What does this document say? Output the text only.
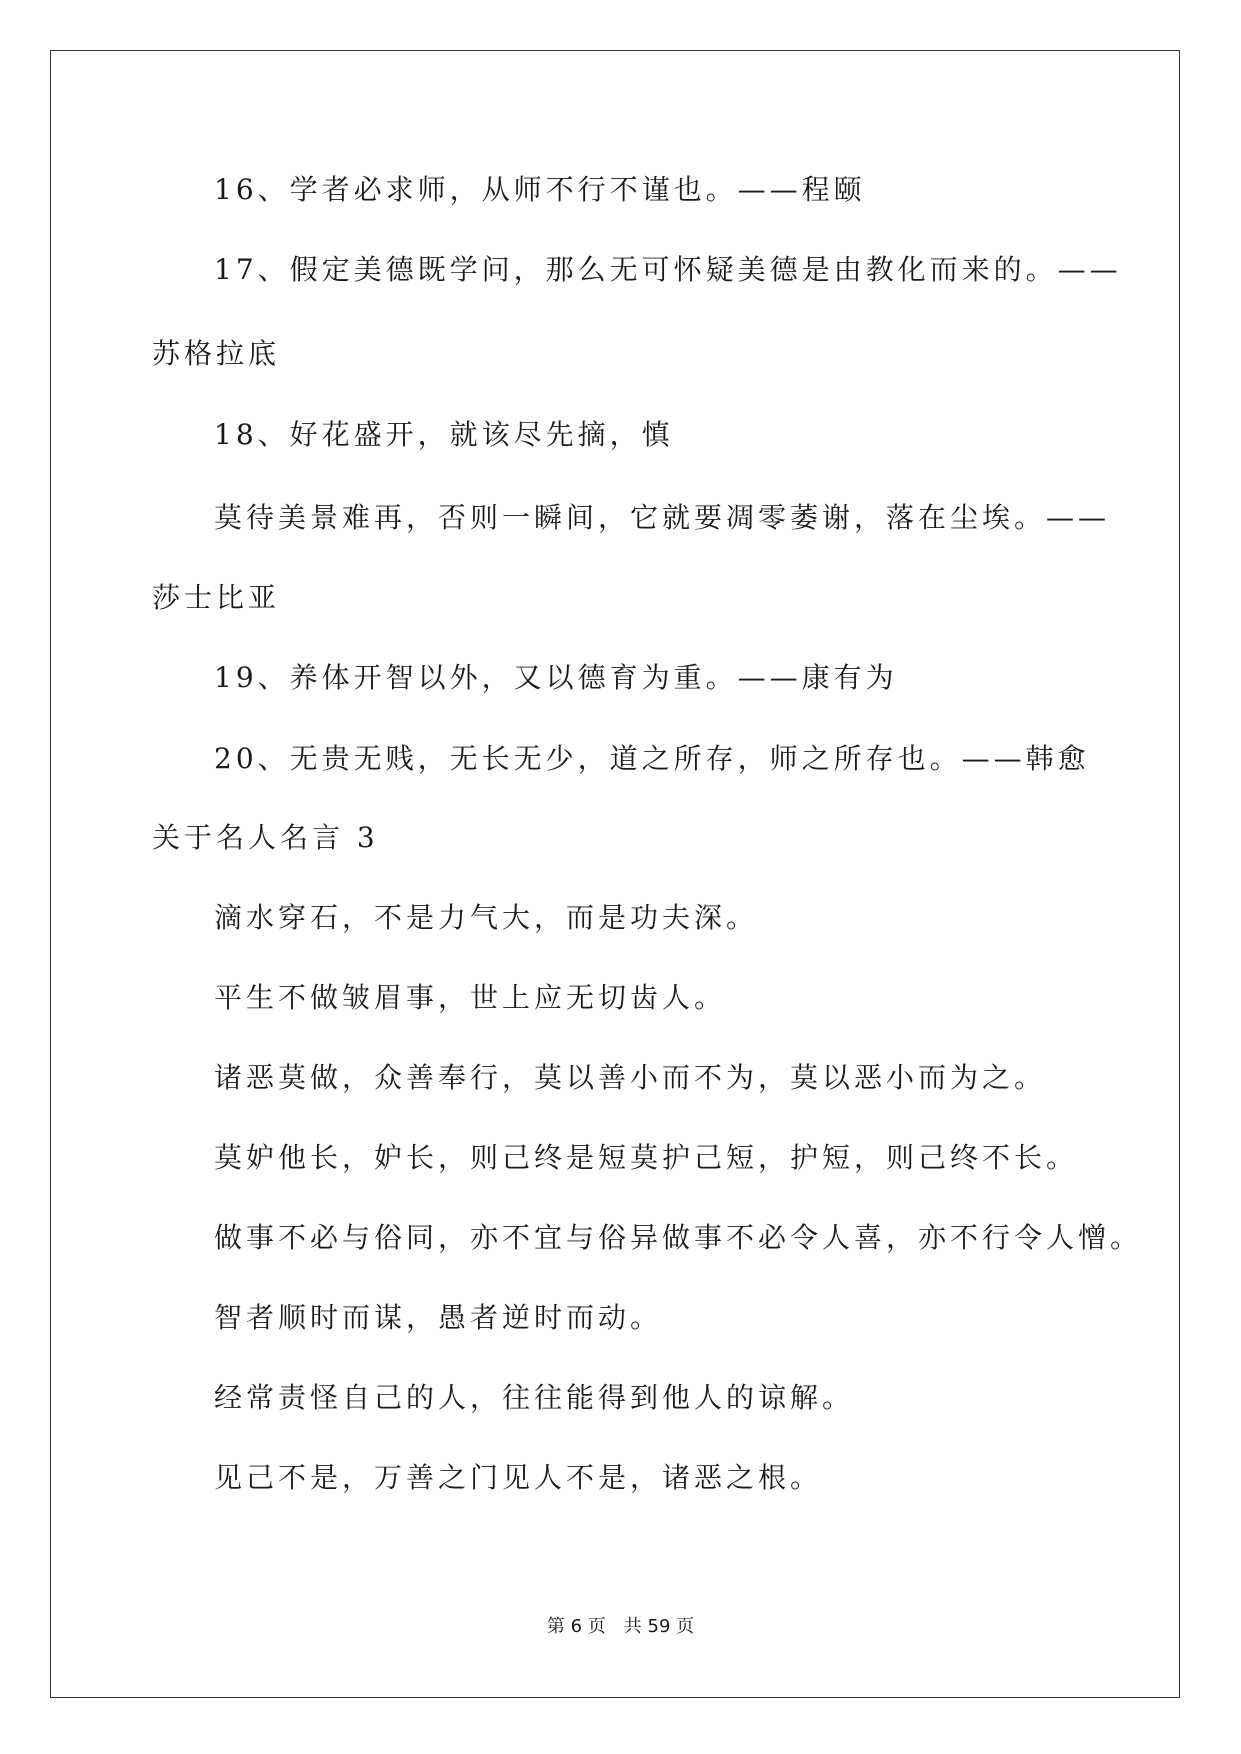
16、学者必求师，从师不行不谨也。——程颐
17、假定美德既学问，那么无可怀疑美德是由教化而来的。——
苏格拉底
18、好花盛开，就该尽先摘，慎
莫待美景难再，否则一瞬间，它就要凋零萎谢，落在尘埃。——
莎士比亚
19、养体开智以外，又以德育为重。——康有为
20、无贵无贱，无长无少，道之所存，师之所存也。——韩愈
关于名人名言 3
滴水穿石，不是力气大，而是功夫深。
平生不做皱眉事，世上应无切齿人。
诸恶莫做，众善奉行，莫以善小而不为，莫以恶小而为之。
莫妒他长，妒长，则己终是短莫护己短，护短，则己终不长。
做事不必与俗同，亦不宜与俗异做事不必令人喜，亦不行令人憎。
智者顺时而谋，愚者逆时而动。
经常责怪自己的人，往往能得到他人的谅解。
见己不是，万善之门见人不是，诸恶之根。
第 6 页 共 59 页
